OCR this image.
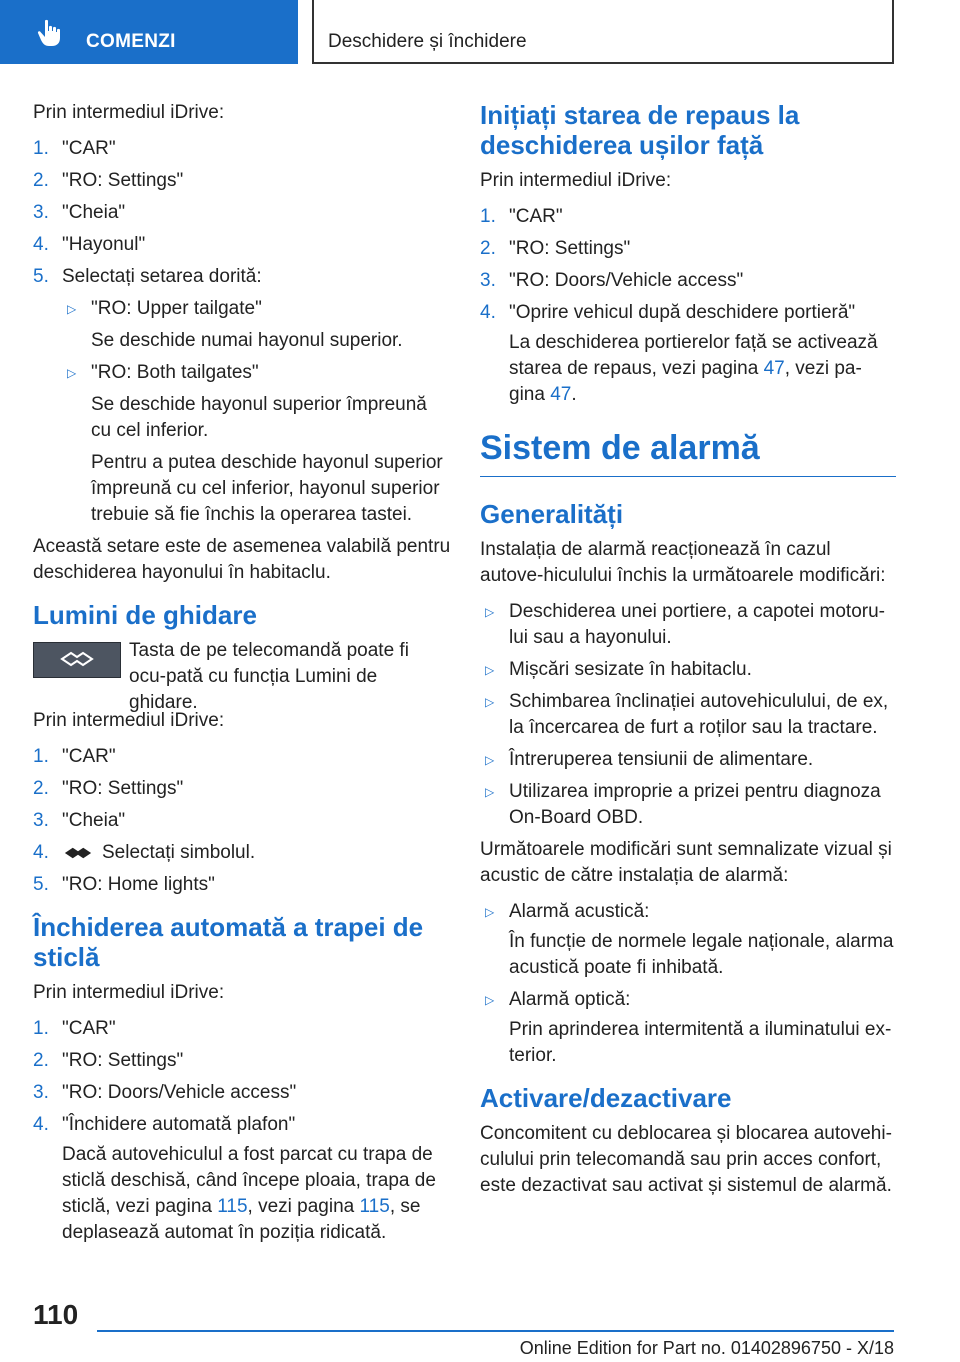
COMENZI	Deschidere și închidere

Prin intermediul iDrive:

1. "CAR"
2. "RO: Settings"
3. "Cheia"
4. "Hayonul"
5. Selectați setarea dorită:
▷ "RO: Upper tailgate"
Se deschide numai hayonul superior.
▷ "RO: Both tailgates"
Se deschide hayonul superior împreună cu cel inferior.
Pentru a putea deschide hayonul superior împreună cu cel inferior, hayonul superior trebuie să fie închis la operarea tastei.

Această setare este de asemenea valabilă pentru deschiderea hayonului în habitaclu.

Lumini de ghidare
Tasta de pe telecomandă poate fi ocu-pată cu funcția Lumini de ghidare.

Prin intermediul iDrive:

1. "CAR"
2. "RO: Settings"
3. "Cheia"
4.	Selectați simbolul.
5. "RO: Home lights"
Închiderea automată a trapei de sticlă

Prin intermediul iDrive:

1. "CAR"
2. "RO: Settings"
3. "RO: Doors/Vehicle access"
4. "Închidere automată plafon"
Dacă autovehiculul a fost parcat cu trapa de sticlă deschisă, când începe ploaia, trapa de sticlă, vezi pagina 115, vezi pagina 115, se deplasează automat în poziția ridicată.
Inițiați starea de repaus la deschiderea ușilor față

Prin intermediul iDrive:

1. "CAR"
2. "RO: Settings"
3. "RO: Doors/Vehicle access"
4. "Oprire vehicul după deschidere portieră"
La deschiderea portierelor față se activează starea de repaus, vezi pagina 47, vezi pa-gina 47.
Sistem de alarmă
Generalități

Instalația de alarmă reacționează în cazul autove-hiculului închis la următoarele modificări:

▷ Deschiderea unei portiere, a capotei motoru-lui sau a hayonului.
▷ Mișcări sesizate în habitaclu.
▷ Schimbarea înclinației autovehiculului, de ex, la încercarea de furt a roților sau la tractare.
▷ Întreruperea tensiunii de alimentare.
▷ Utilizarea improprie a prizei pentru diagnoza On-Board OBD.

Următoarele modificări sunt semnalizate vizual și acustic de către instalația de alarmă:

▷ Alarmă acustică:
În funcție de normele legale naționale, alarma acustică poate fi inhibată.
▷ Alarmă optică:
Prin aprinderea intermitentă a iluminatului ex-terior.
Activare/dezactivare

Concomitent cu deblocarea și blocarea autovehi-culului prin telecomandă sau prin acces confort, este dezactivat sau activat și sistemul de alarmă.

110
Online Edition for Part no. 01402896750 - X/18
